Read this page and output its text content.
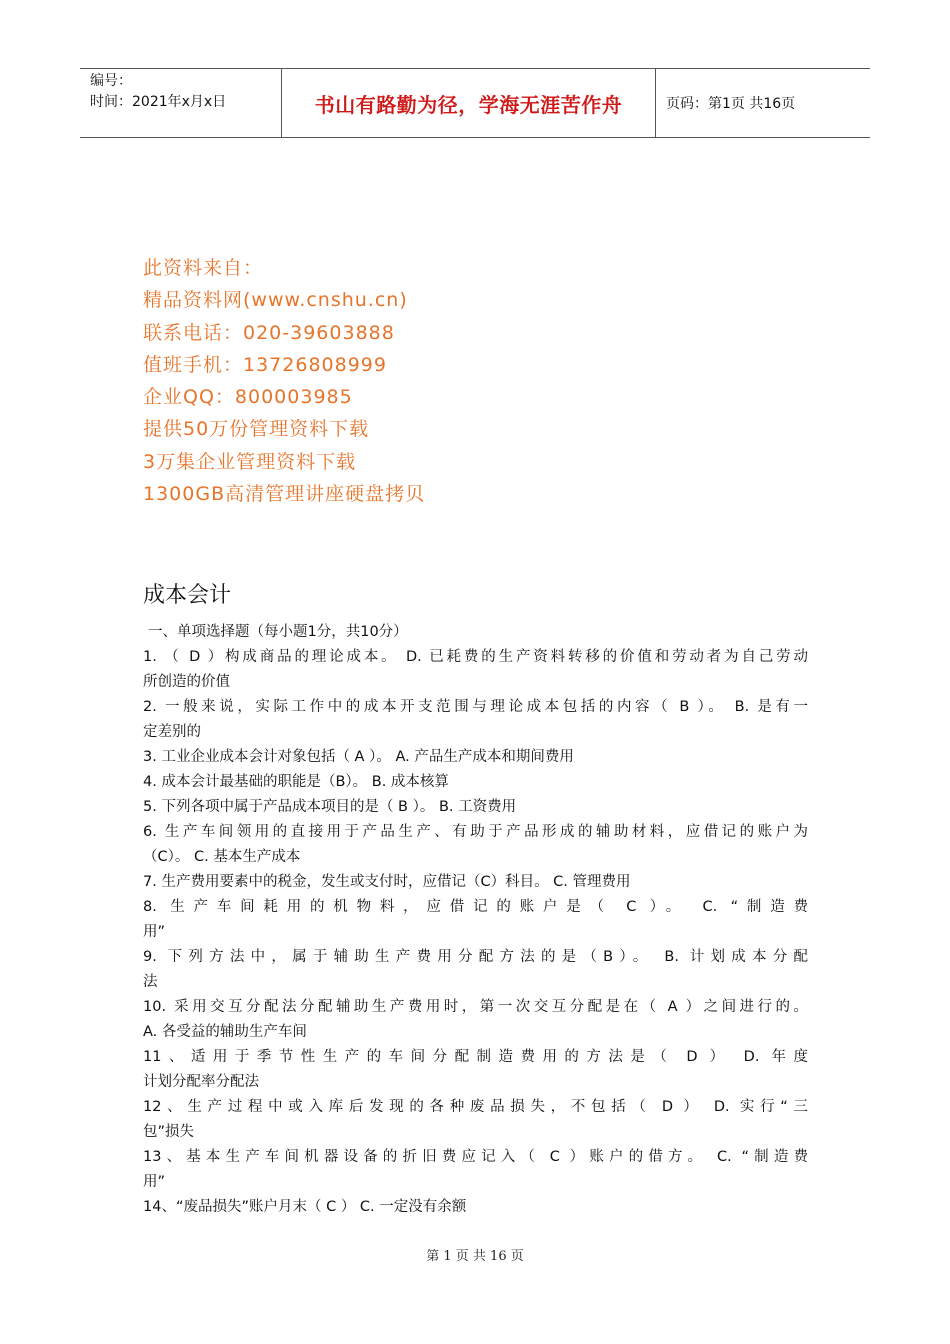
编号：
时间：2021年x月x日	书山有路勤为径，学海无涯苦作舟	页码：第1页 共16页
此资料来自：
精品资料网(www.cnshu.cn)
联系电话：020-39603888
值班手机：13726808999
企业QQ：800003985
提供50万份管理资料下载
3万集企业管理资料下载
1300GB高清管理讲座硬盘拷贝
成本会计
一、单项选择题（每小题1分，共10分）
1. （ D ）构成商品的理论成本。 D. 已耗费的生产资料转移的价值和劳动者为自己劳动
所创造的价值
2. 一般来说，实际工作中的成本开支范围与理论成本包括的内容（ B ）。 B. 是有一
定差别的
3. 工业企业成本会计对象包括（ A ）。 A. 产品生产成本和期间费用
4. 成本会计最基础的职能是（B）。 B. 成本核算
5. 下列各项中属于产品成本项目的是（ B ）。 B. 工资费用
6. 生产车间领用的直接用于产品生产、有助于产品形成的辅助材料，应借记的账户为
（C）。 C. 基本生产成本
7. 生产费用要素中的税金，发生或支付时，应借记（C）科目。 C. 管理费用
8. 生产车间耗用的机物料，应借记的账户是（ C ）。 C. “制造费
用”
9. 下列方法中，属于辅助生产费用分配方法的是（B）。 B. 计划成本分配
法
10. 采用交互分配法分配辅助生产费用时，第一次交互分配是在（ A ）之间进行的。
A. 各受益的辅助生产车间
11、适用于季节性生产的车间分配制造费用的方法是（ D ） D. 年度
计划分配率分配法
12、生产过程中或入库后发现的各种废品损失，不包括（ D ） D. 实行“三
包”损失
13、基本生产车间机器设备的折旧费应记入（ C ）账户的借方。 C. “制造费
用”
14、“废品损失”账户月末（ C ） C. 一定没有余额
第 1 页 共 16 页
